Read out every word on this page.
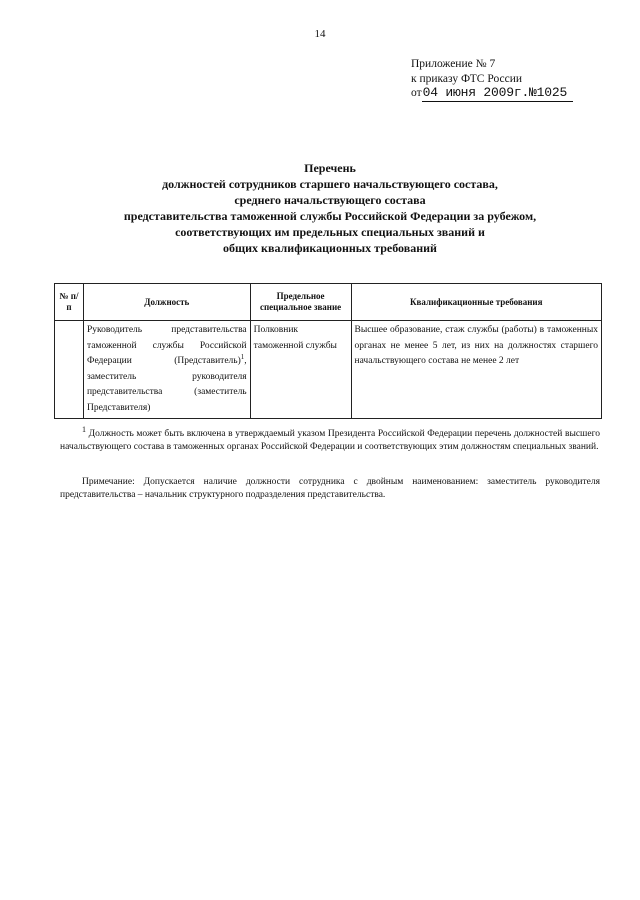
14
Приложение № 7
к приказу ФТС России
от 04 июня 2009г.№1025
Перечень
должностей сотрудников старшего начальствующего состава,
среднего начальствующего состава
представительства таможенной службы Российской Федерации за рубежом,
соответствующих им предельных специальных званий и
общих квалификационных требований
№ п/п	Должность	Предельное специальное звание	Квалификационные требования
	Руководитель представительства таможенной службы Российской Федерации (Представитель)$^1$, заместитель руководителя представительства (заместитель Представителя)	Полковник таможенной службы	Высшее образование, стаж службы (работы) в таможенных органах не менее 5 лет, из них на должностях старшего начальствующего состава не менее 2 лет
$^1$ Должность может быть включена в утверждаемый указом Президента Российской Федерации перечень должностей высшего начальствующего состава в таможенных органах Российской Федерации и соответствующих этим должностям специальных званий.
Примечание: Допускается наличие должности сотрудника с двойным наименованием: заместитель руководителя представительства – начальник структурного подразделения представительства.
